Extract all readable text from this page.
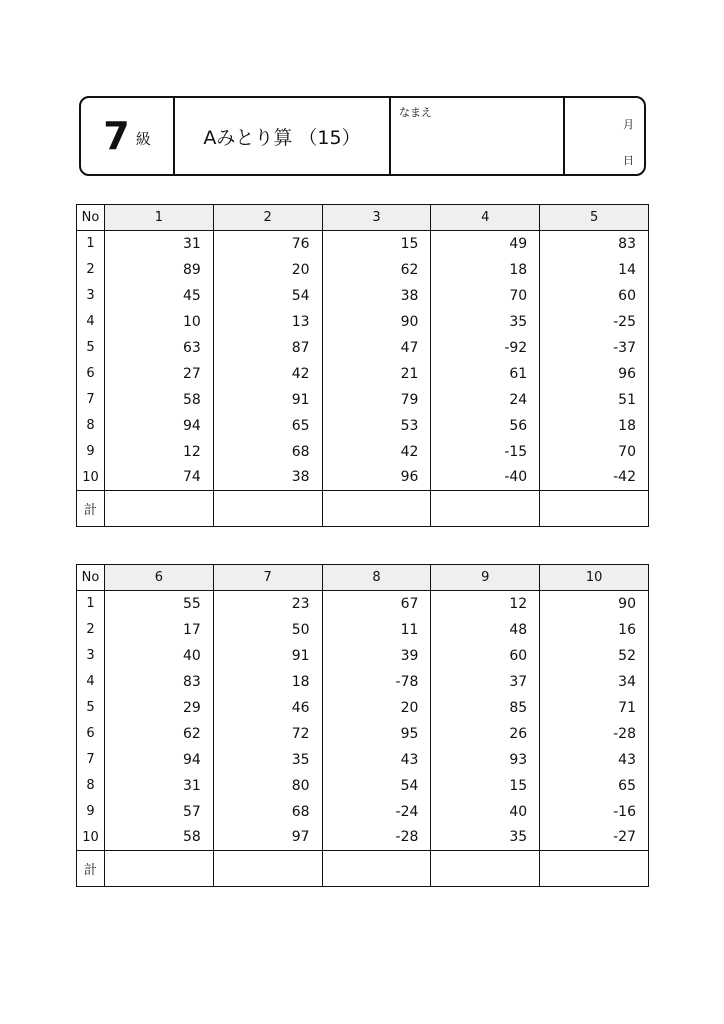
7 級	Aみとり算 （15）
なまえ
月
日
No	1	2	3	4	5
1	31	76	15	49	83
2	89	20	62	18	14
3	45	54	38	70	60
4	10	13	90	35	-25
5	63	87	47	-92	-37
6	27	42	21	61	96
7	58	91	79	24	51
8	94	65	53	56	18
9	12	68	42	-15	70
10	74	38	96	-40	-42
計					
No	6	7	8	9	10
1	55	23	67	12	90
2	17	50	11	48	16
3	40	91	39	60	52
4	83	18	-78	37	34
5	29	46	20	85	71
6	62	72	95	26	-28
7	94	35	43	93	43
8	31	80	54	15	65
9	57	68	-24	40	-16
10	58	97	-28	35	-27
計					
